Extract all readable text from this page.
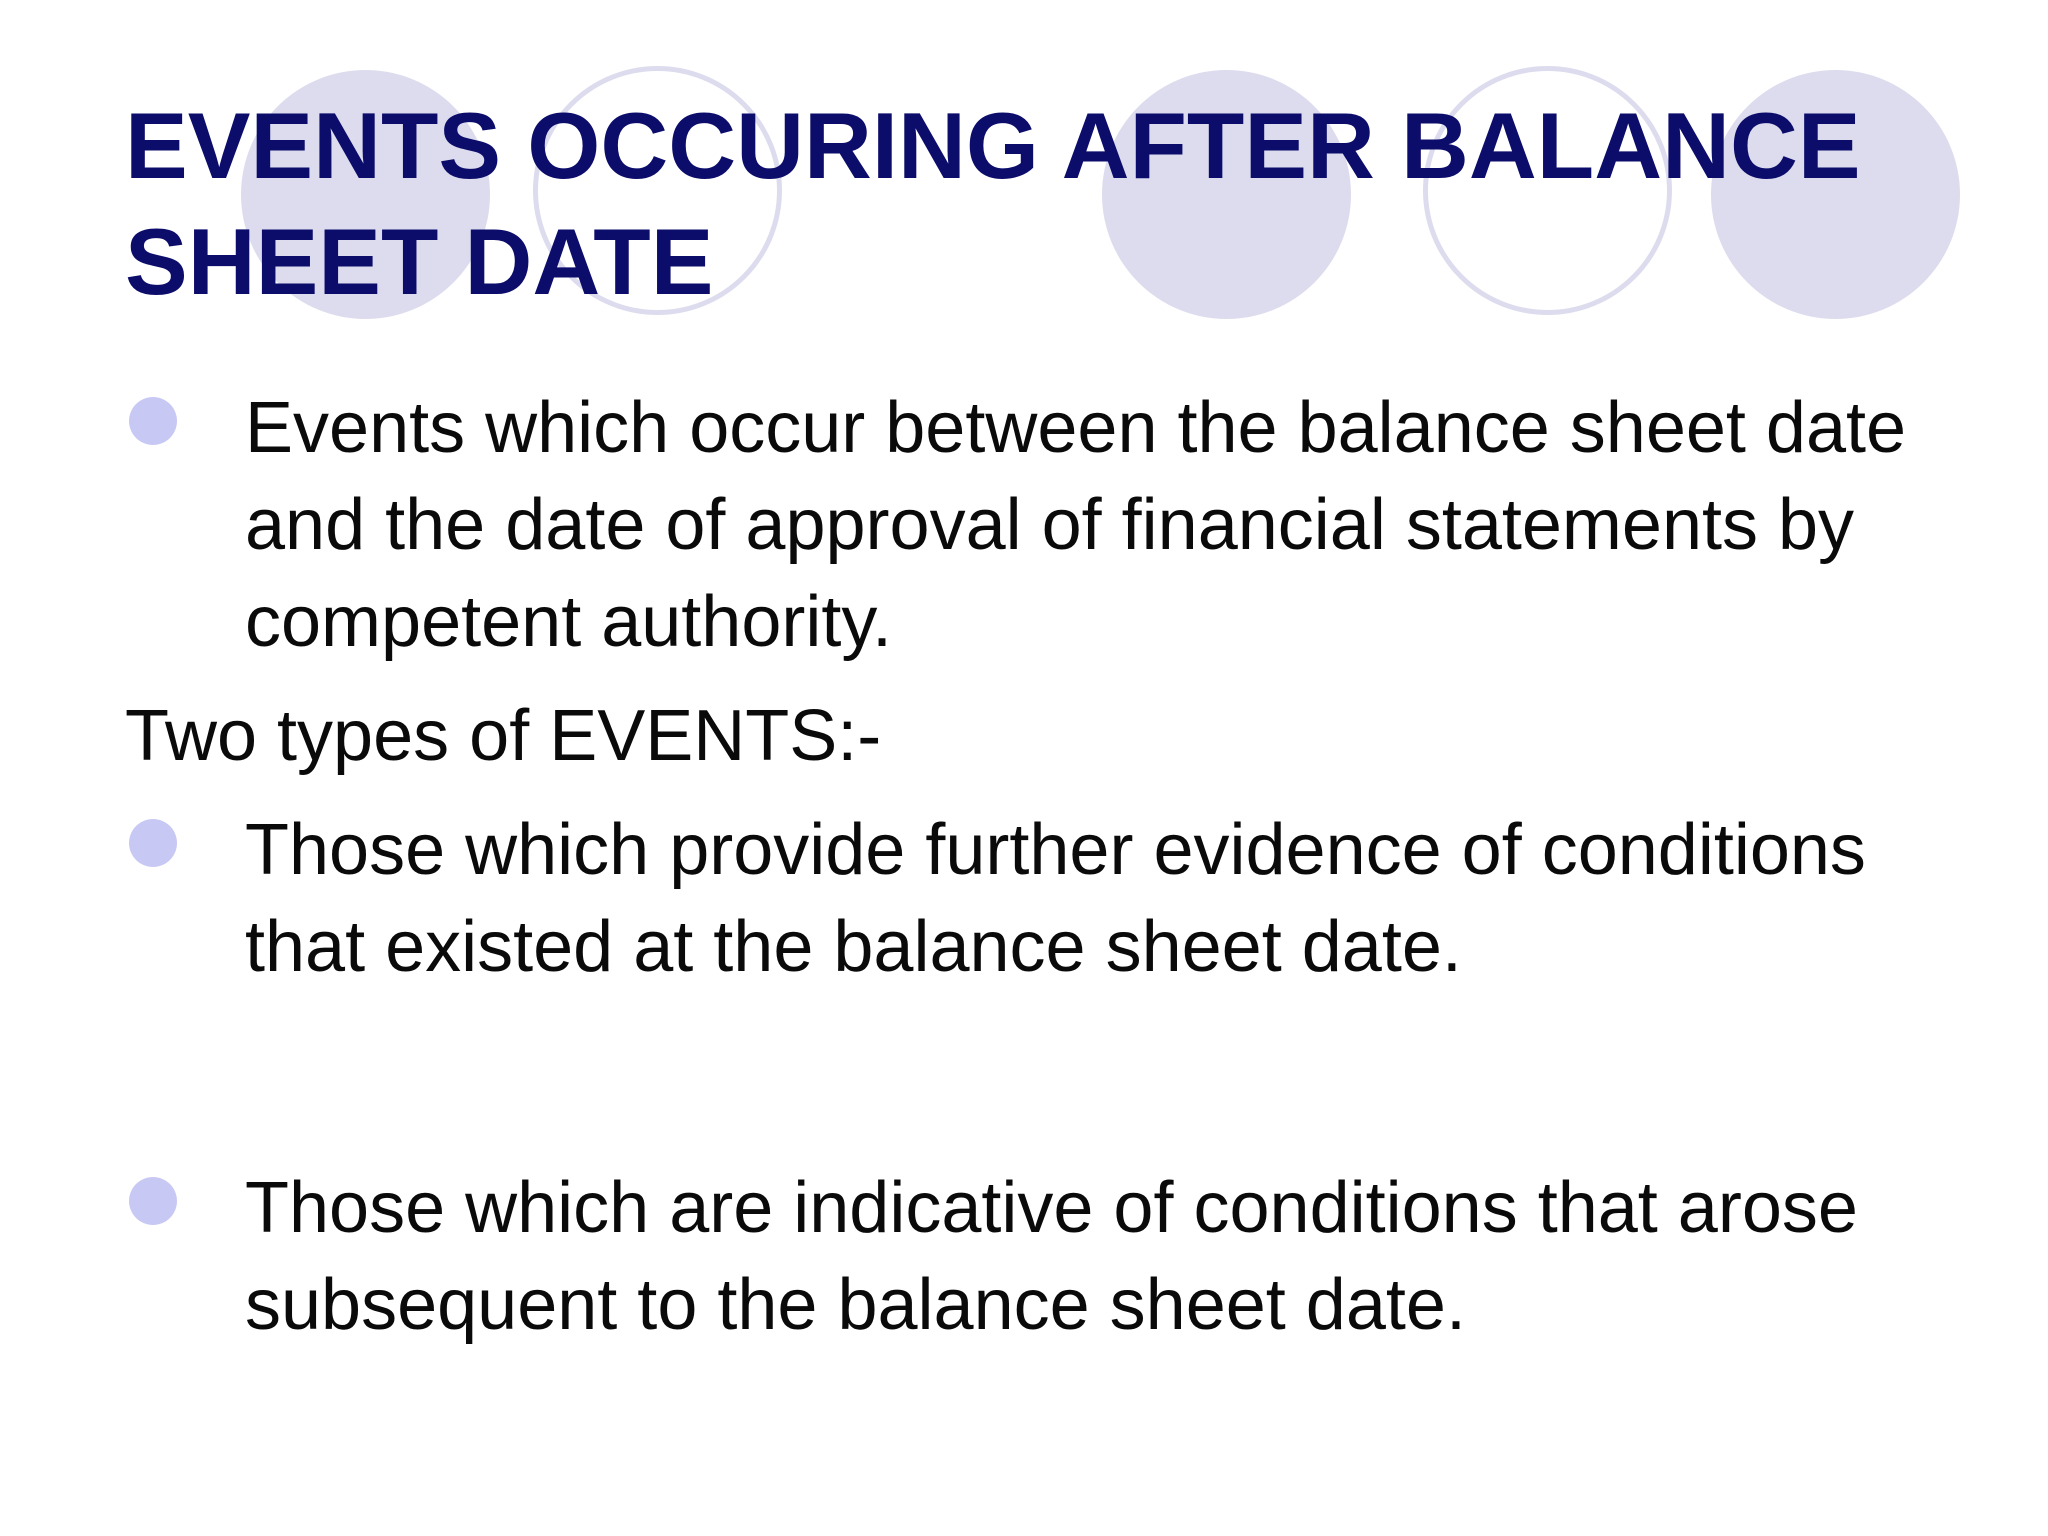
EVENTS OCCURING AFTER BALANCE SHEET DATE

Events which occur between the balance sheet date and the date of approval of financial statements by competent authority.

Two types of EVENTS:-

Those which provide further evidence of conditions that existed at the balance sheet date.

Those which are indicative of conditions that arose subsequent to the balance sheet date.
